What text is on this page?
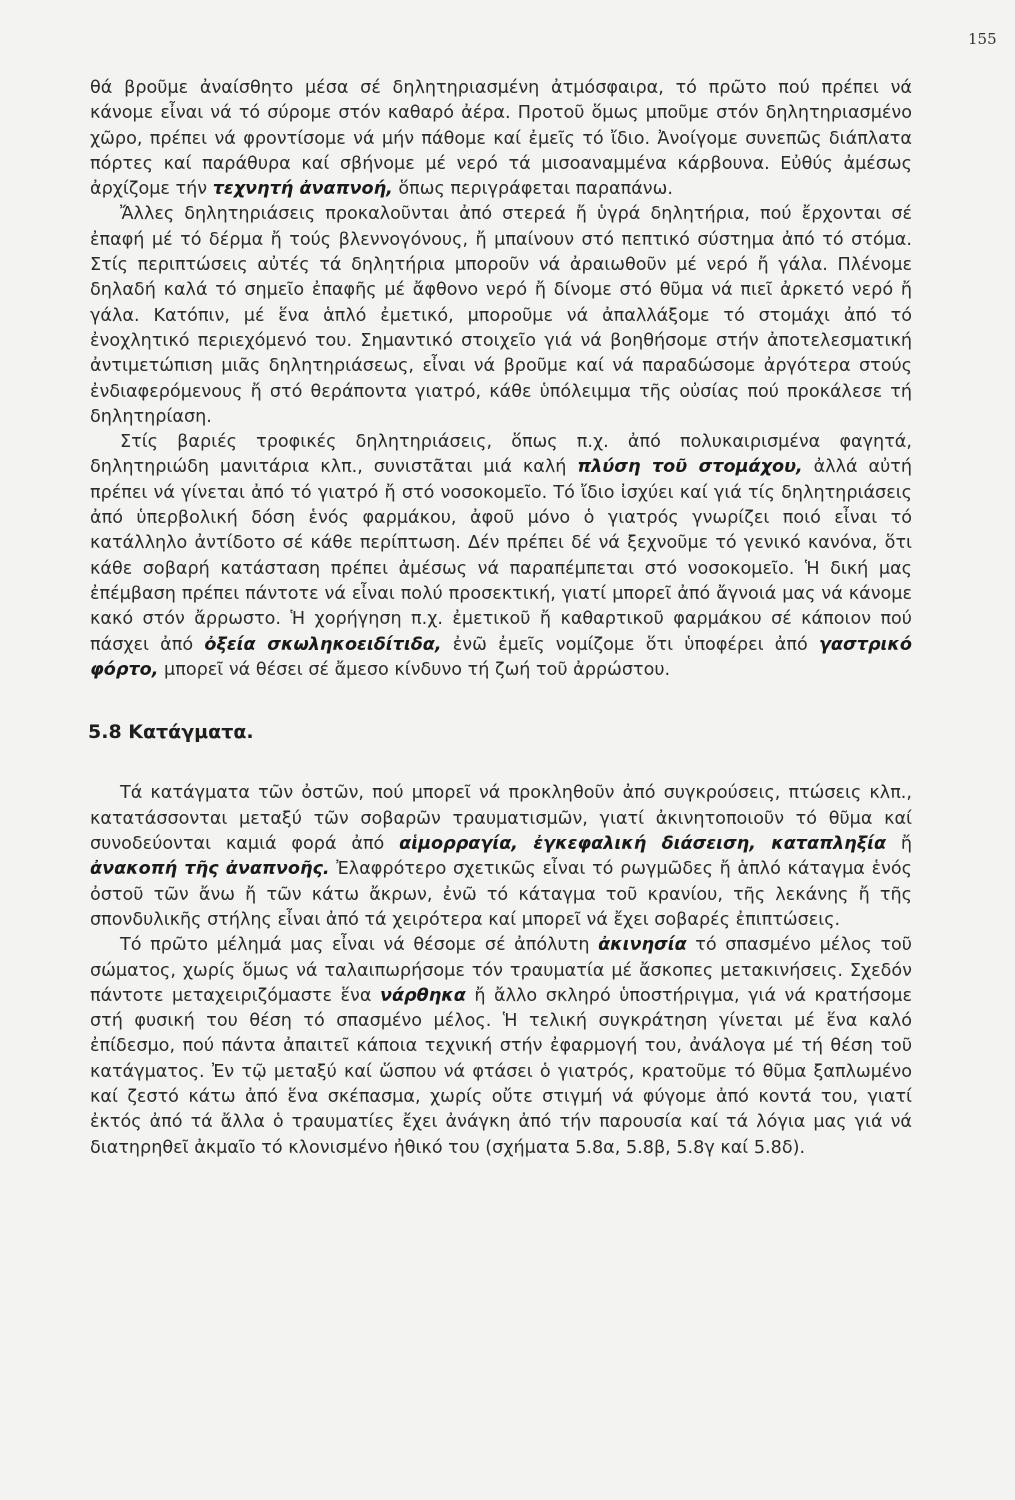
155

θά βροῦμε ἀναίσθητο μέσα σέ δηλητηριασμένη ἀτμόσφαιρα, τό πρῶτο πού πρέπει νά κάνομε εἶναι νά τό σύρομε στόν καθαρό ἀέρα. Προτοῦ ὅμως μποῦμε στόν δηλητηριασμένο χῶρο, πρέπει νά φροντίσομε νά μήν πάθομε καί ἐμεῖς τό ἴδιο. Ἀνοίγομε συνεπῶς διάπλατα πόρτες καί παράθυρα καί σβήνομε μέ νερό τά μισοαναμμένα κάρβουνα. Εὐθύς ἀμέσως ἀρχίζομε τήν τεχνητή ἀναπνοή, ὅπως περιγράφεται παραπάνω.

Ἄλλες δηλητηριάσεις προκαλοῦνται ἀπό στερεά ἤ ὑγρά δηλητήρια, πού ἔρχονται σέ ἐπαφή μέ τό δέρμα ἤ τούς βλεννογόνους, ἤ μπαίνουν στό πεπτικό σύστημα ἀπό τό στόμα. Στίς περιπτώσεις αὐτές τά δηλητήρια μποροῦν νά ἀραιωθοῦν μέ νερό ἤ γάλα. Πλένομε δηλαδή καλά τό σημεῖο ἐπαφῆς μέ ἄφθονο νερό ἤ δίνομε στό θῦμα νά πιεῖ ἀρκετό νερό ἤ γάλα. Κατόπιν, μέ ἕνα ἁπλό ἐμετικό, μποροῦμε νά ἀπαλλάξομε τό στομάχι ἀπό τό ἐνοχλητικό περιεχόμενό του. Σημαντικό στοιχεῖο γιά νά βοηθήσομε στήν ἀποτελεσματική ἀντιμετώπιση μιᾶς δηλητηριάσεως, εἶναι νά βροῦμε καί νά παραδώσομε ἀργότερα στούς ἐνδιαφερόμενους ἤ στό θεράποντα γιατρό, κάθε ὑπόλειμμα τῆς οὐσίας πού προκάλεσε τή δηλητηρίαση.

Στίς βαριές τροφικές δηλητηριάσεις, ὅπως π.χ. ἀπό πολυκαιρισμένα φαγητά, δηλητηριώδη μανιτάρια κλπ., συνιστᾶται μιά καλή πλύση τοῦ στομάχου, ἀλλά αὐτή πρέπει νά γίνεται ἀπό τό γιατρό ἤ στό νοσοκομεῖο. Τό ἴδιο ἰσχύει καί γιά τίς δηλητηριάσεις ἀπό ὑπερβολική δόση ἑνός φαρμάκου, ἀφοῦ μόνο ὁ γιατρός γνωρίζει ποιό εἶναι τό κατάλληλο ἀντίδοτο σέ κάθε περίπτωση. Δέν πρέπει δέ νά ξεχνοῦμε τό γενικό κανόνα, ὅτι κάθε σοβαρή κατάσταση πρέπει ἀμέσως νά παραπέμπεται στό νοσοκομεῖο. Ἡ δική μας ἐπέμβαση πρέπει πάντοτε νά εἶναι πολύ προσεκτική, γιατί μπορεῖ ἀπό ἄγνοιά μας νά κάνομε κακό στόν ἄρρωστο. Ἡ χορήγηση π.χ. ἐμετικοῦ ἤ καθαρτικοῦ φαρμάκου σέ κάποιον πού πάσχει ἀπό ὀξεία σκωληκοειδίτιδα, ἐνῶ ἐμεῖς νομίζομε ὅτι ὑποφέρει ἀπό γαστρικό φόρτο, μπορεῖ νά θέσει σέ ἄμεσο κίνδυνο τή ζωή τοῦ ἀρρώστου.

5.8 Κατάγματα.

Τά κατάγματα τῶν ὀστῶν, πού μπορεῖ νά προκληθοῦν ἀπό συγκρούσεις, πτώσεις κλπ., κατατάσσονται μεταξύ τῶν σοβαρῶν τραυματισμῶν, γιατί ἀκινητοποιοῦν τό θῦμα καί συνοδεύονται καμιά φορά ἀπό αἱμορραγία, ἐγκεφαλική διάσειση, καταπληξία ἤ ἀνακοπή τῆς ἀναπνοῆς. Ἐλαφρότερο σχετικῶς εἶναι τό ρωγμῶδες ἤ ἁπλό κάταγμα ἑνός ὀστοῦ τῶν ἄνω ἤ τῶν κάτω ἄκρων, ἐνῶ τό κάταγμα τοῦ κρανίου, τῆς λεκάνης ἤ τῆς σπονδυλικῆς στήλης εἶναι ἀπό τά χειρότερα καί μπορεῖ νά ἔχει σοβαρές ἐπιπτώσεις.

Τό πρῶτο μέλημά μας εἶναι νά θέσομε σέ ἀπόλυτη ἀκινησία τό σπασμένο μέλος τοῦ σώματος, χωρίς ὅμως νά ταλαιπωρήσομε τόν τραυματία μέ ἄσκοπες μετακινήσεις. Σχεδόν πάντοτε μεταχειριζόμαστε ἕνα νάρθηκα ἤ ἄλλο σκληρό ὑποστήριγμα, γιά νά κρατήσομε στή φυσική του θέση τό σπασμένο μέλος. Ἡ τελική συγκράτηση γίνεται μέ ἕνα καλό ἐπίδεσμο, πού πάντα ἀπαιτεῖ κάποια τεχνική στήν ἐφαρμογή του, ἀνάλογα μέ τή θέση τοῦ κατάγματος. Ἐν τῷ μεταξύ καί ὥσπου νά φτάσει ὁ γιατρός, κρατοῦμε τό θῦμα ξαπλωμένο καί ζεστό κάτω ἀπό ἕνα σκέπασμα, χωρίς οὔτε στιγμή νά φύγομε ἀπό κοντά του, γιατί ἐκτός ἀπό τά ἄλλα ὁ τραυματίες ἔχει ἀνάγκη ἀπό τήν παρουσία καί τά λόγια μας γιά νά διατηρηθεῖ ἀκμαῖο τό κλονισμένο ἠθικό του (σχήματα 5.8α, 5.8β, 5.8γ καί 5.8δ).
